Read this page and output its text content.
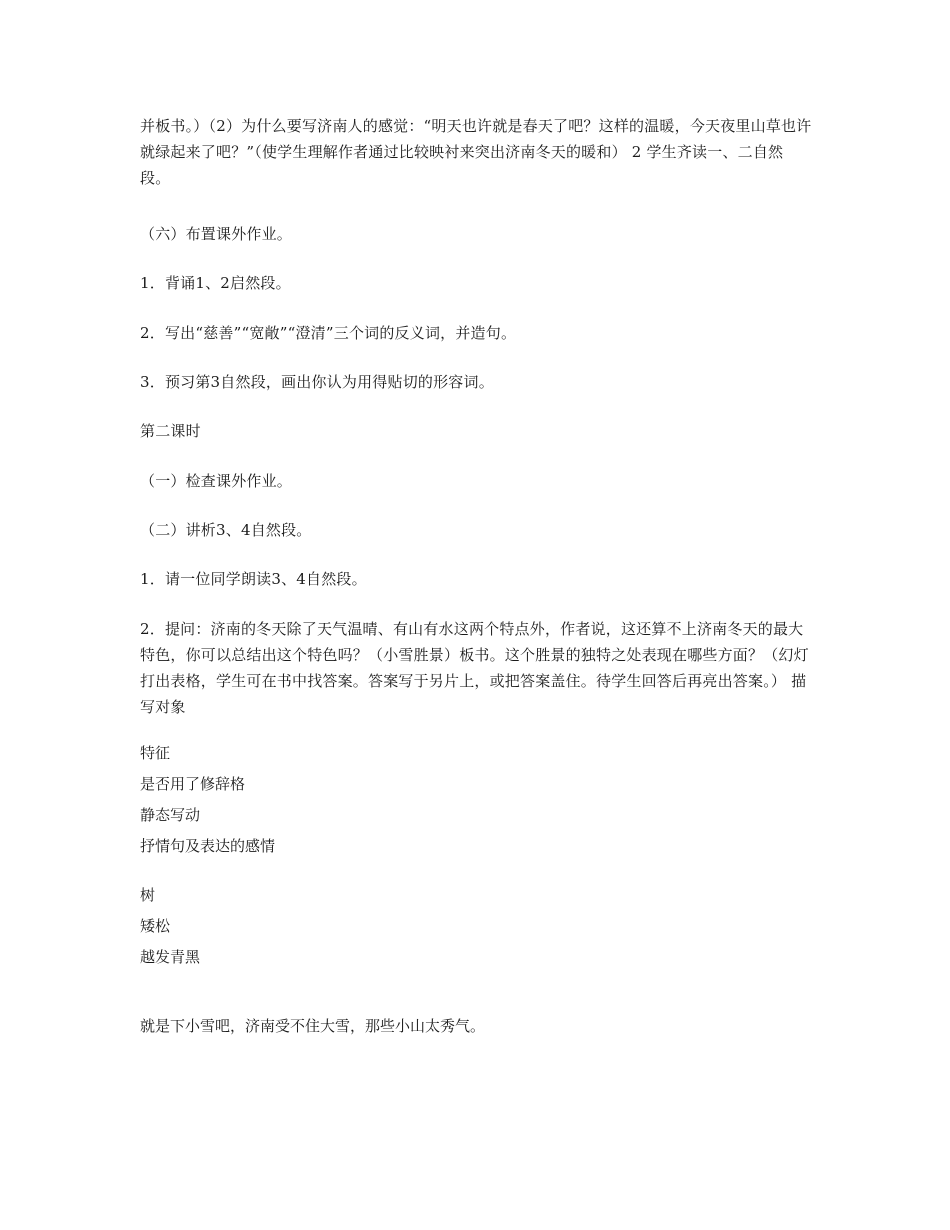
并板书。）（2）为什么要写济南人的感觉：“明天也许就是春天了吧？这样的温暖，今天夜里山草也许就绿起来了吧？”（使学生理解作者通过比较映衬来突出济南冬天的暖和） 2 学生齐读一、二自然段。

（六）布置课外作业。

1．背诵1、2启然段。

2．写出“慈善”“宽敞”“澄清”三个词的反义词，并造句。

3．预习第3自然段，画出你认为用得贴切的形容词。

第二课时

（一）检查课外作业。

（二）讲析3、4自然段。

1．请一位同学朗读3、4自然段。

2．提问：济南的冬天除了天气温晴、有山有水这两个特点外，作者说，这还算不上济南冬天的最大特色，你可以总结出这个特色吗？（小雪胜景）板书。这个胜景的独特之处表现在哪些方面？（幻灯打出表格，学生可在书中找答案。答案写于另片上，或把答案盖住。待学生回答后再亮出答案。） 描写对象

特征

是否用了修辞格

静态写动

抒情句及表达的感情

树

矮松

越发青黑

就是下小雪吧，济南受不住大雪，那些小山太秀气。
